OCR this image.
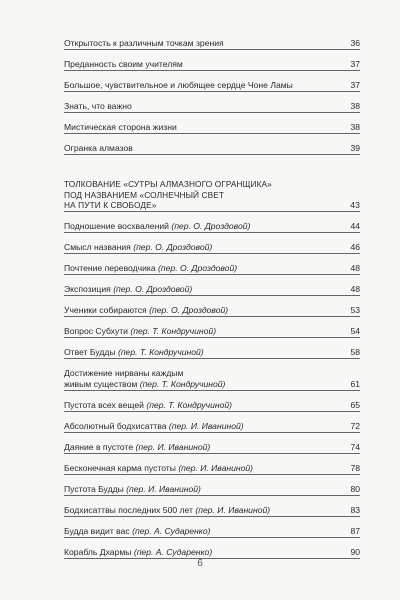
Открытость к различным точкам зрения	36
Преданность своим учителям	37
Большое, чувствительное и любящее сердце Чоне Ламы	37
Знать, что важно	38
Мистическая сторона жизни	38
Огранка алмазов	39
ТОЛКОВАНИЕ «СУТРЫ АЛМАЗНОГО ОГРАНЩИКА»
ПОД НАЗВАНИЕМ «СОЛНЕЧНЫЙ СВЕТ
НА ПУТИ К СВОБОДЕ»	43
Подношение восхвалений (пер. О. Дроздовой)	44
Смысл названия (пер. О. Дроздовой)	46
Почтение переводчика (пер. О. Дроздовой)	48
Экспозиция (пер. О. Дроздовой)	48
Ученики собираются (пер. О. Дроздовой)	53
Вопрос Субхути (пер. Т. Кондручиной)	54
Ответ Будды (пер. Т. Кондручиной)	58
Достижение нирваны каждым
живым существом (пер. Т. Кондручиной)	61
Пустота всех вещей (пер. Т. Кондручиной)	65
Абсолютный бодхисаттва (пер. И. Иваниной)	72
Даяние в пустоте (пер. И. Иваниной)	74
Бесконечная карма пустоты (пер. И. Иваниной)	78
Пустота Будды (пер. И. Иваниной)	80
Бодхисаттвы последних 500 лет (пер. И. Иваниной)	83
Будда видит вас (пер. А. Сударенко)	87
Корабль Дхармы (пер. А. Сударенко)	90
6
